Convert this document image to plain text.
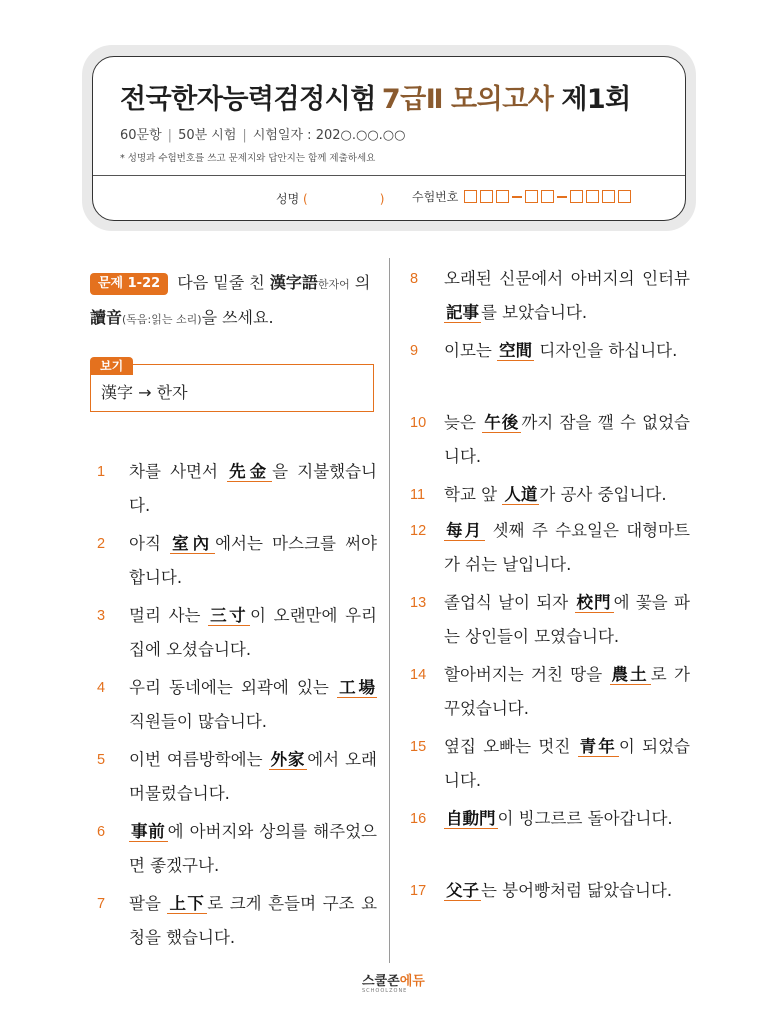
전국한자능력검정시험 7급Ⅱ 모의고사 제1회
60문항 | 50분 시험 | 시험일자 : 202○.○○.○○
* 성명과 수험번호를 쓰고 문제지와 답안지는 함께 제출하세요
성명 (	) 수험번호
문제 1-22 다음 밑줄 친 漢字語한자어 의 讀音(독음:읽는 소리)을 쓰세요.
漢字 → 한자
보기
1 차를 사면서 先金 을 지불했습니다.
2 아직 室內 에서는 마스크를 써야 합니다.
3 멀리 사는 三寸 이 오랜만에 우리 집에 오셨습니다.
4 우리 동네에는 외곽에 있는 工場 직원들이 많습니다.
5 이번 여름방학에는 外家 에서 오래 머물렀습니다.
6 事前 에 아버지와 상의를 해주었으면 좋겠구나.
7 팔을 上下 로 크게 흔들며 구조 요청을 했습니다.
8 오래된 신문에서 아버지의 인터뷰 記事 를 보았습니다.
9 이모는 空間 디자인을 하십니다.
10 늦은 午後 까지 잠을 깰 수 없었습니다.
11 학교 앞 人道 가 공사 중입니다.
12 每月 셋째 주 수요일은 대형마트가 쉬는 날입니다.
13 졸업식 날이 되자 校門 에 꽃을 파는 상인들이 모였습니다.
14 할아버지는 거친 땅을 農土 로 가꾸었습니다.
15 옆집 오빠는 멋진 青年 이 되었습니다.
16 自動門 이 빙그르르 돌아갑니다.
17 父子 는 붕어빵처럼 닮았습니다.
스쿨존에듀
SCHOOLZONE
